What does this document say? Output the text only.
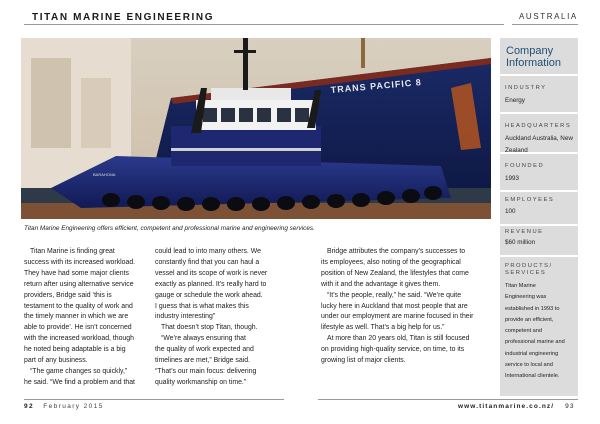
TITAN MARINE ENGINEERING	AUSTRALIA
TRANS PACIFIC 8
BARAHONA
Titan Marine Engineering offers efficient, competent and professional marine and engineering services.

Titan Marine is finding great

success with its increased workload.

They have had some major clients

return after using alternative service

providers, Bridge said ‘this is

testament to the quality of work and

the timely manner in which we are

able to provide’. He isn’t concerned

with the increased workload, though

he noted being adaptable is a big

part of any business.

“The game changes so quickly,”

he said. “We find a problem and that

could lead to into many others. We

constantly find that you can haul a

vessel and its scope of work is never

exactly as planned. It’s really hard to

gauge or schedule the work ahead.

I guess that is what makes this

industry interesting”

That doesn’t stop Titan, though.

“We’re always ensuring that

the quality of work expected and

timelines are met,” Bridge said.

“That’s our main focus: delivering

quality workmanship on time.”

Bridge attributes the company’s successes to

its employees, also noting of the geographical

position of New Zealand, the lifestyles that come

with it and the advantage it gives them.

“It’s the people, really,” he said. “We’re quite

lucky here in Auckland that most people that are

under our employment are marine focused in their

lifestyle as well. That’s a big help for us.”

At more than 20 years old, Titan is still focused

on providing high-quality service, on time, to its

growing list of major clients.

Company
Information
INDUSTRY
Energy
HEADQUARTERS
Auckland Australia, New
Zealand
FOUNDED
1993
EMPLOYEES
100
REVENUE
$60 million
PRODUCTS/
SERVICES
Titan Marine
Engineering was
established in 1993 to
provide an efficient,
competent and
professional marine and
industrial engineering
service to local and
International clientele.
92 February 2015	www.titanmarine.co.nz/ 93
